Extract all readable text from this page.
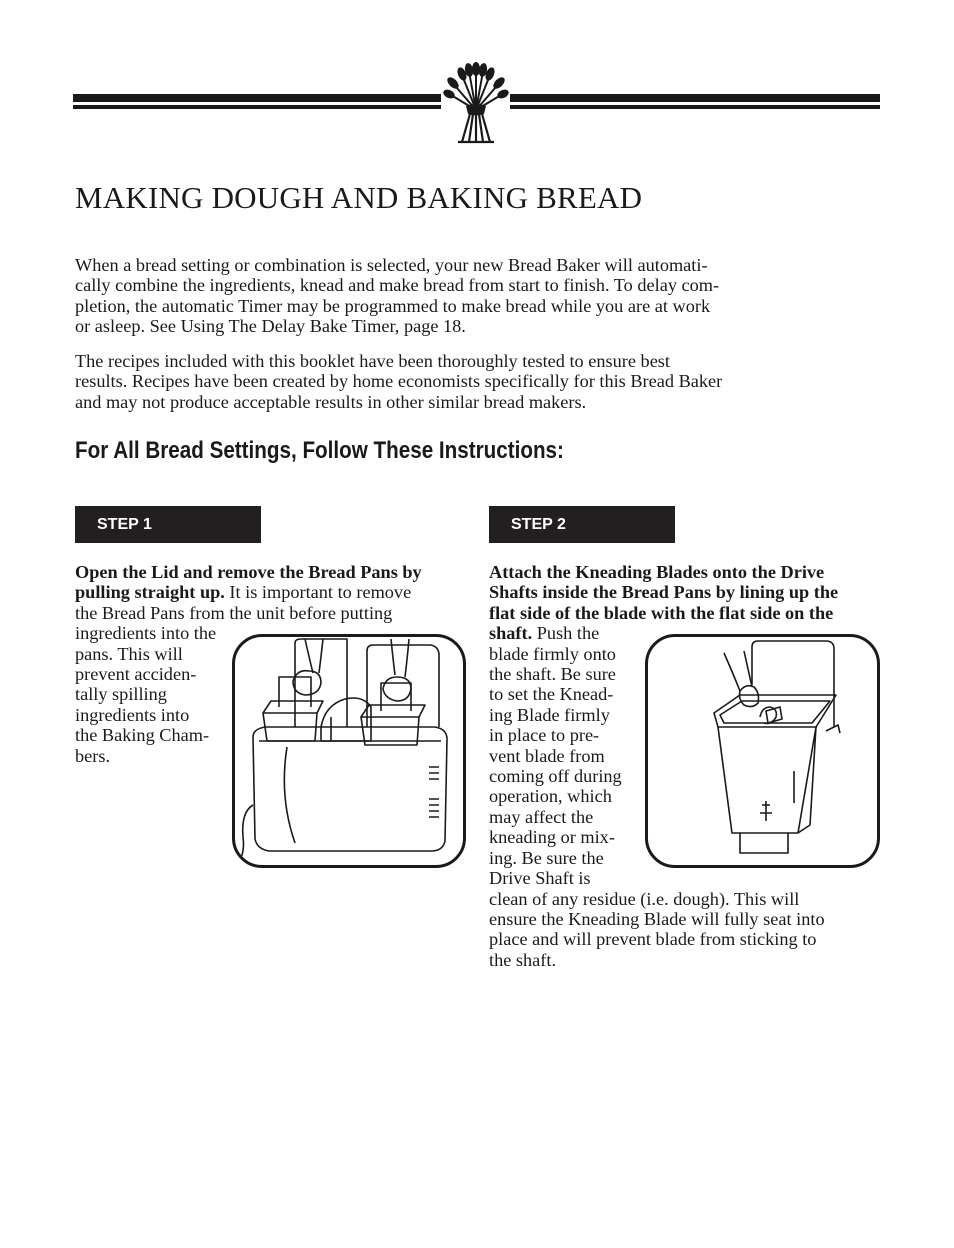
MAKING DOUGH AND BAKING BREAD

When a bread setting or combination is selected, your new Bread Baker will automati-
cally combine the ingredients, knead and make bread from start to finish. To delay com-
pletion, the automatic Timer may be programmed to make bread while you are at work
or asleep. See Using The Delay Bake Timer, page 18.

The recipes included with this booklet have been thoroughly tested to ensure best
results. Recipes have been created by home economists specifically for this Bread Baker
and may not produce acceptable results in other similar bread makers.

For All Bread Settings, Follow These Instructions:
STEP 1	STEP 2
Open the Lid and remove the Bread Pans by
pulling straight up. It is important to remove
the Bread Pans from the unit before putting
ingredients into the
pans. This will
prevent acciden-
tally spilling
ingredients into
the Baking Cham-
bers.
Attach the Kneading Blades onto the Drive
Shafts inside the Bread Pans by lining up the
flat side of the blade with the flat side on the
shaft. Push the
blade firmly onto
the shaft. Be sure
to set the Knead-
ing Blade firmly
in place to pre-
vent blade from
coming off during
operation, which
may affect the
kneading or mix-
ing. Be sure the
Drive Shaft is
clean of any residue (i.e. dough). This will
ensure the Kneading Blade will fully seat into
place and will prevent blade from sticking to
the shaft.
